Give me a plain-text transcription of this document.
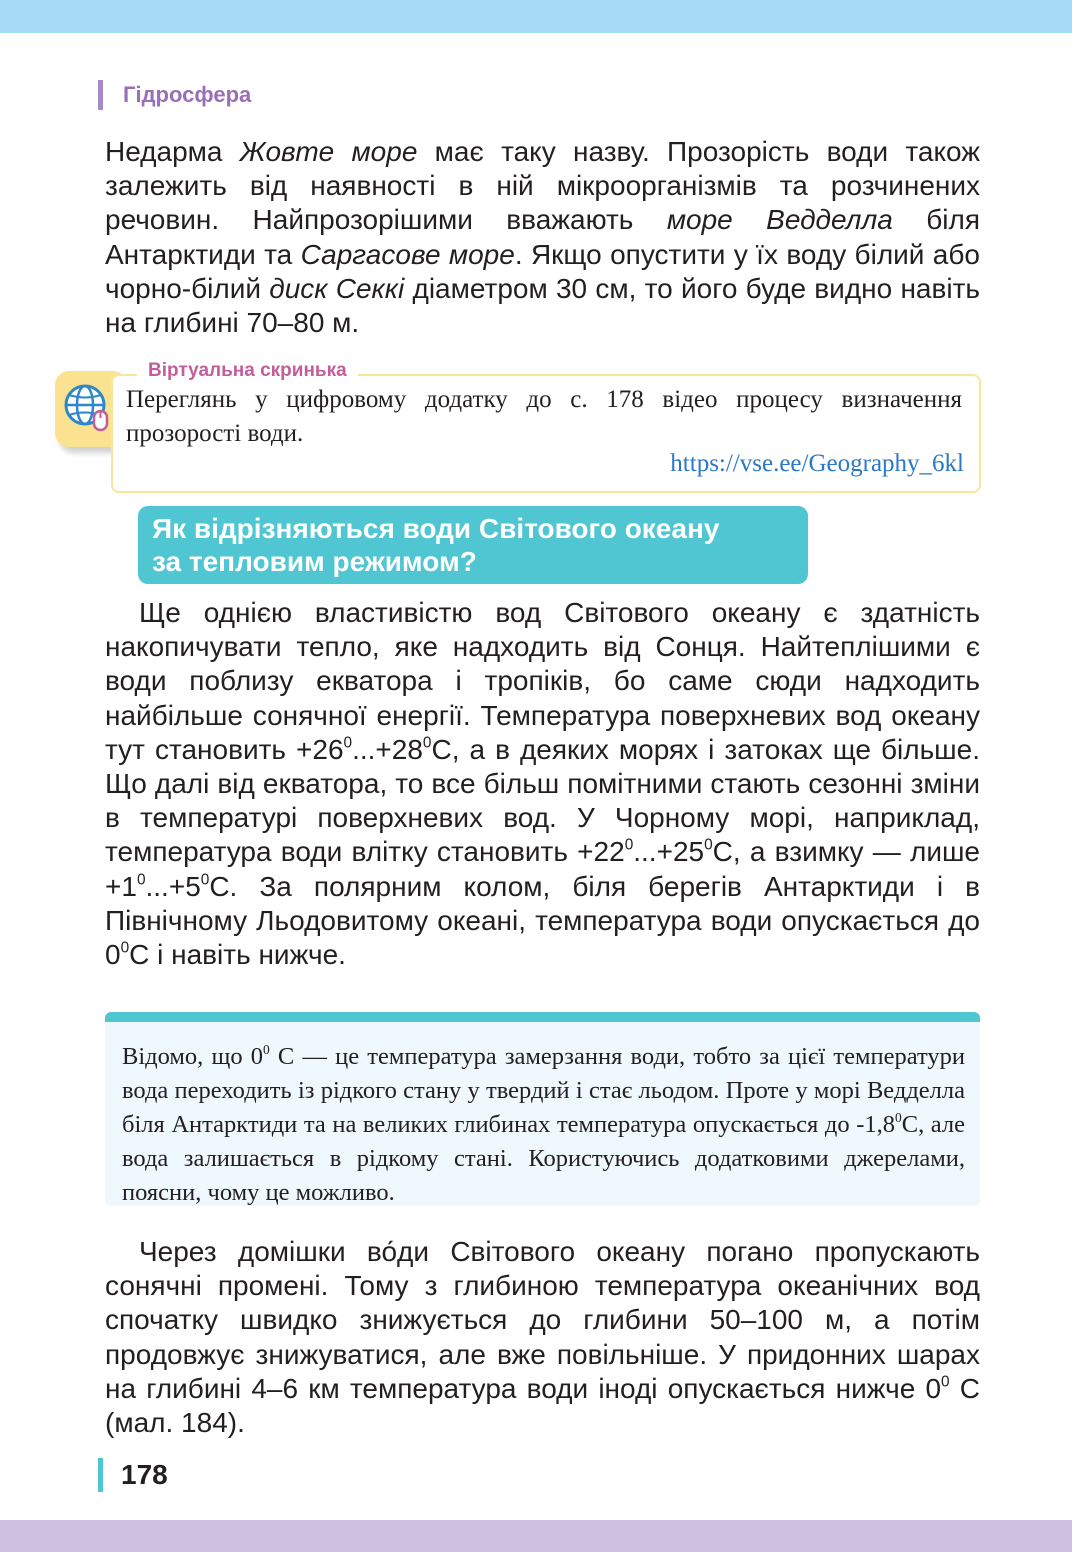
Гідросфера

Недарма Жовте море має таку назву. Прозорість води також залежить від наявності в ній мікроорганізмів та розчинених речовин. Найпрозорішими вважають море Ведделла біля Антарктиди та Саргасове море. Якщо опустити у їх воду білий або чорно-білий диск Секкі діаметром 30 см, то його буде видно навіть на глибині 70–80 м.

Віртуальна скринька
Переглянь у цифровому додатку до с. 178 відео процесу визначення прозорості води.
https://vse.ee/Geography_6kl
Як відрізняються води Світового океану
за тепловим режимом?

Ще однією властивістю вод Світового океану є здатність накопичувати тепло, яке надходить від Сонця. Найтеплішими є води поблизу екватора і тропіків, бо саме сюди надходить найбільше сонячної енергії. Температура поверхневих вод океану тут становить $+26^0...+28^0С$, а в деяких морях і затоках ще більше. Що далі від екватора, то все більш помітними стають сезонні зміни в температурі поверхневих вод. У Чорному морі, наприклад, температура води влітку становить $+22^0...+25^0С$, а взимку — лише $+1^0...+5^0С$. За полярним колом, біля берегів Антарктиди і в Північному Льодовитому океані, температура води опускається до $0^0С$ і навіть нижче.

Відомо, що $0^0$ С — це температура замерзання води, тобто за цієї температури вода переходить із рідкого стану у твердий і стає льодом. Проте у морі Ведделла біля Антарктиди та на великих глибинах температура опускається до $-1,8^0С$, але вода залишається в рідкому стані. Користуючись додатковими джерелами, поясни, чому це можливо.

Через домішки во́ди Світового океану погано пропускають сонячні промені. Тому з глибиною температура океанічних вод спочатку швидко знижується до глибини 50–100 м, а потім продовжує знижуватися, але вже повільніше. У придонних шарах на глибині 4–6 км температура води іноді опускається нижче $0^0$ С (мал. 184).

178
